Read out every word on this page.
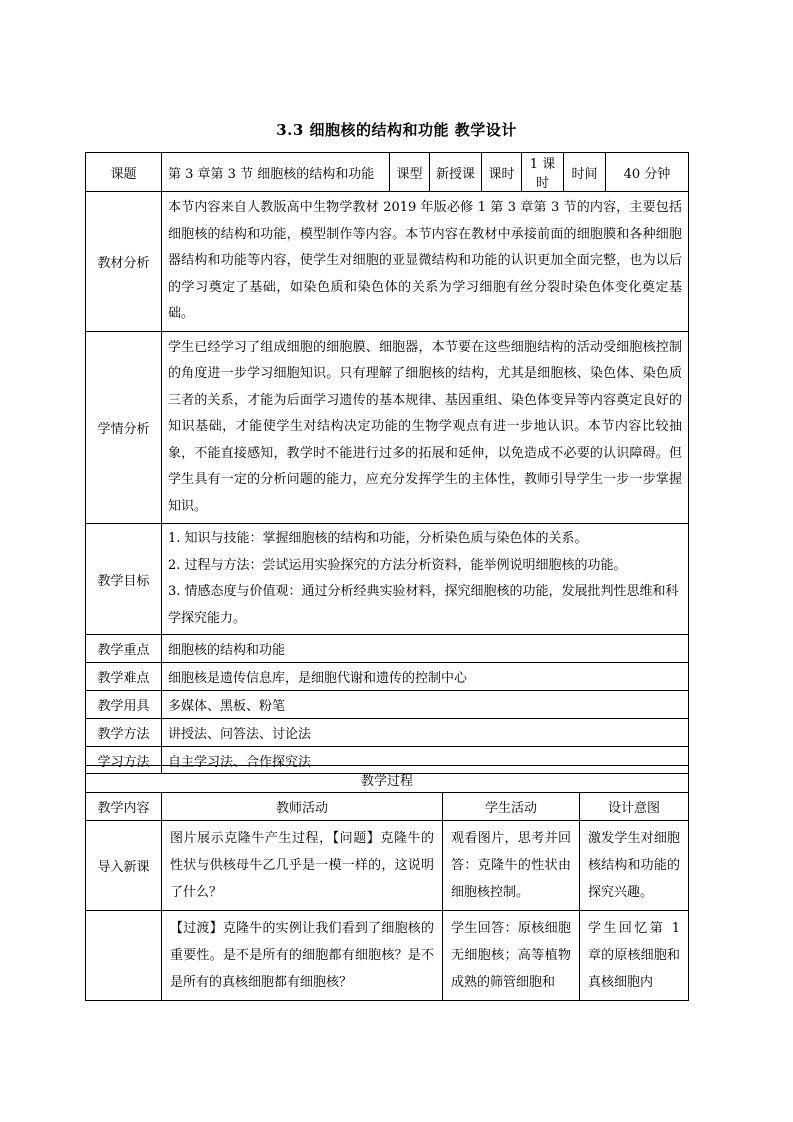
3.3 细胞核的结构和功能 教学设计
课题	第 3 章第 3 节 细胞核的结构和功能	课型	新授课	课时	1 课时	时间	40 分钟
教材分析	本节内容来自人教版高中生物学教材 2019 年版必修 1 第 3 章第 3 节的内容，主要包括细胞核的结构和功能，模型制作等内容。本节内容在教材中承接前面的细胞膜和各种细胞器结构和功能等内容，使学生对细胞的亚显微结构和功能的认识更加全面完整，也为以后的学习奠定了基础，如染色质和染色体的关系为学习细胞有丝分裂时染色体变化奠定基础。						
学情分析	学生已经学习了组成细胞的细胞膜、细胞器，本节要在这些细胞结构的活动受细胞核控制的角度进一步学习细胞知识。只有理解了细胞核的结构，尤其是细胞核、染色体、染色质三者的关系，才能为后面学习遗传的基本规律、基因重组、染色体变异等内容奠定良好的知识基础，才能使学生对结构决定功能的生物学观点有进一步地认识。本节内容比较抽象，不能直接感知，教学时不能进行过多的拓展和延伸，以免造成不必要的认识障碍。但学生具有一定的分析问题的能力，应充分发挥学生的主体性，教师引导学生一步一步掌握知识。						
教学目标	1. 知识与技能：掌握细胞核的结构和功能，分析染色质与染色体的关系。

2. 过程与方法：尝试运用实验探究的方法分析资料，能举例说明细胞核的功能。

3. 情感态度与价值观：通过分析经典实验材料，探究细胞核的功能，发展批判性思维和科学探究能力。						

教学重点	细胞核的结构和功能						
教学难点	细胞核是遗传信息库，是细胞代谢和遗传的控制中心						
教学用具	多媒体、黑板、粉笔						
教学方法	讲授法、问答法、讨论法						
学习方法	自主学习法、合作探究法						
教学过程			
教学内容	教师活动	学生活动	设计意图
导入新课	图片展示克隆牛产生过程，【问题】克隆牛的性状与供核母牛乙几乎是一模一样的，这说明了什么？	观看图片，思考并回答：克隆牛的性状由细胞核控制。	激发学生对细胞核结构和功能的探究兴趣。
	【过渡】克隆牛的实例让我们看到了细胞核的重要性。是不是所有的细胞都有细胞核？是不是所有的真核细胞都有细胞核？	学生回答：原核细胞无细胞核；高等植物成熟的筛管细胞和	学生回忆第 1 章的原核细胞和真核细胞内
